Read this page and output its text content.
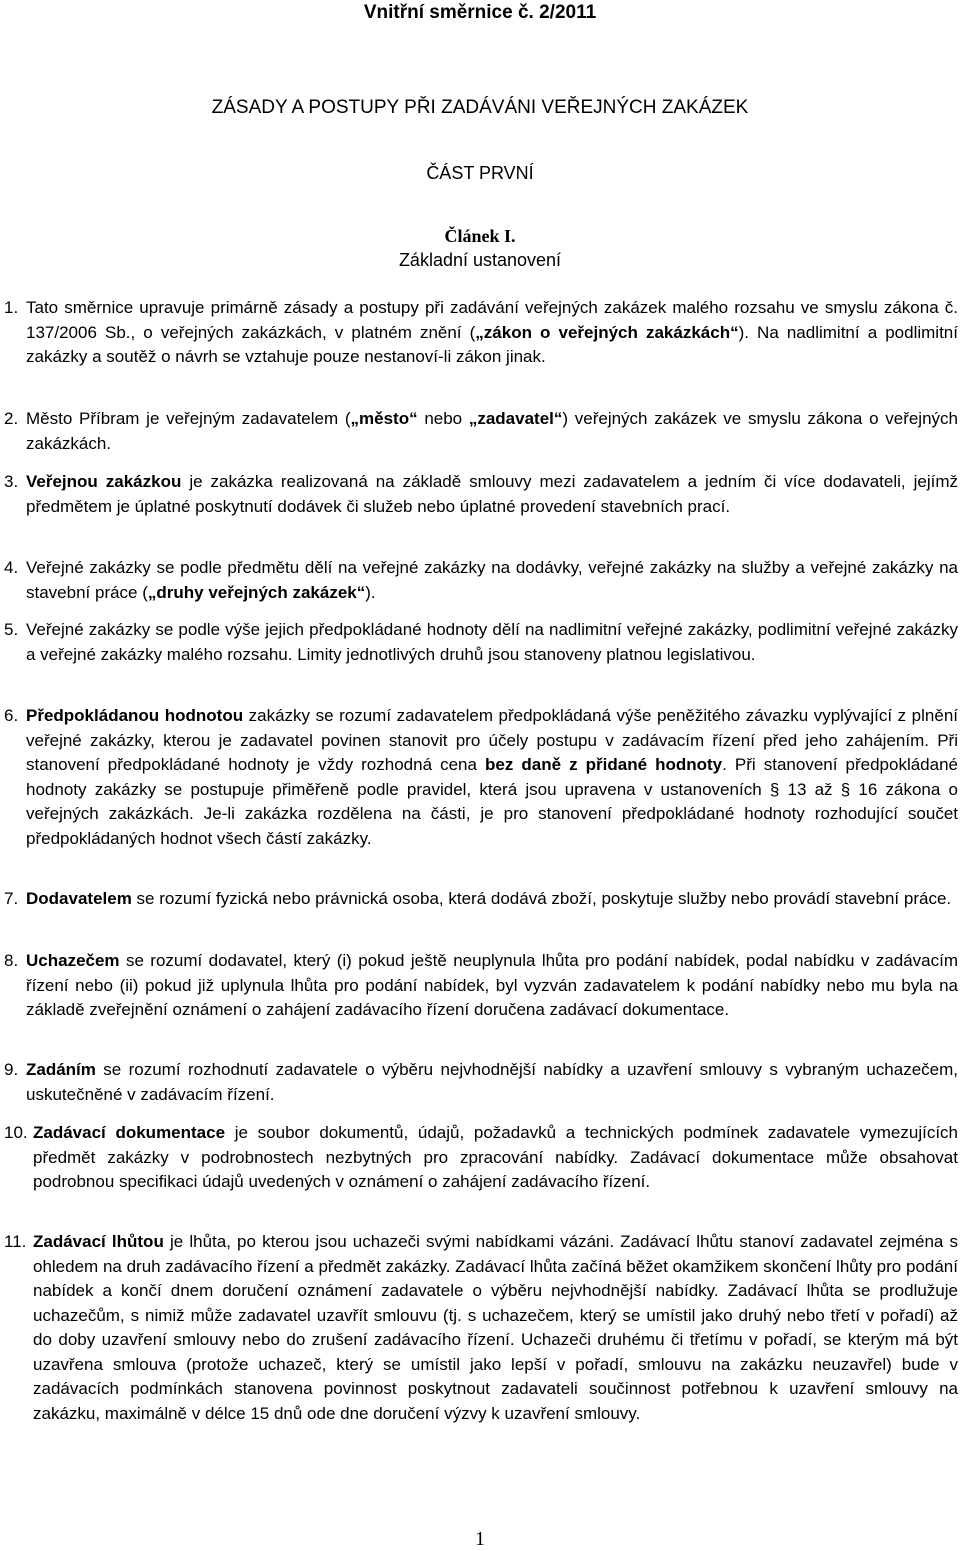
Vnitřní směrnice č. 2/2011
ZÁSADY A POSTUPY PŘI ZADÁVÁNI VEŘEJNÝCH ZAKÁZEK
ČÁST PRVNÍ
Článek I.
Základní ustanovení
1. Tato směrnice upravuje primárně zásady a postupy při zadávání veřejných zakázek malého rozsahu ve smyslu zákona č. 137/2006 Sb., o veřejných zakázkách, v platném znění („zákon o veřejných zakázkách“). Na nadlimitní a podlimitní zakázky a soutěž o návrh se vztahuje pouze nestanoví-li zákon jinak.
2. Město Příbram je veřejným zadavatelem („město“ nebo „zadavatel“) veřejných zakázek ve smyslu zákona o veřejných zakázkách.
3. Veřejnou zakázkou je zakázka realizovaná na základě smlouvy mezi zadavatelem a jedním či více dodavateli, jejímž předmětem je úplatné poskytnutí dodávek či služeb nebo úplatné provedení stavebních prací.
4. Veřejné zakázky se podle předmětu dělí na veřejné zakázky na dodávky, veřejné zakázky na služby a veřejné zakázky na stavební práce („druhy veřejných zakázek“).
5. Veřejné zakázky se podle výše jejich předpokládané hodnoty dělí na nadlimitní veřejné zakázky, podlimitní veřejné zakázky a veřejné zakázky malého rozsahu. Limity jednotlivých druhů jsou stanoveny platnou legislativou.
6. Předpokládanou hodnotou zakázky se rozumí zadavatelem předpokládaná výše peněžitého závazku vyplývající z plnění veřejné zakázky, kterou je zadavatel povinen stanovit pro účely postupu v zadávacím řízení před jeho zahájením. Při stanovení předpokládané hodnoty je vždy rozhodná cena bez daně z přidané hodnoty. Při stanovení předpokládané hodnoty zakázky se postupuje přiměřeně podle pravidel, která jsou upravena v ustanoveních § 13 až § 16 zákona o veřejných zakázkách. Je-li zakázka rozdělena na části, je pro stanovení předpokládané hodnoty rozhodující součet předpokládaných hodnot všech částí zakázky.
7. Dodavatelem se rozumí fyzická nebo právnická osoba, která dodává zboží, poskytuje služby nebo provádí stavební práce.
8. Uchazečem se rozumí dodavatel, který (i) pokud ještě neuplynula lhůta pro podání nabídek, podal nabídku v zadávacím řízení nebo (ii) pokud již uplynula lhůta pro podání nabídek, byl vyzván zadavatelem k podání nabídky nebo mu byla na základě zveřejnění oznámení o zahájení zadávacího řízení doručena zadávací dokumentace.
9. Zadáním se rozumí rozhodnutí zadavatele o výběru nejvhodnější nabídky a uzavření smlouvy s vybraným uchazečem, uskutečněné v zadávacím řízení.
10. Zadávací dokumentace je soubor dokumentů, údajů, požadavků a technických podmínek zadavatele vymezujících předmět zakázky v podrobnostech nezbytných pro zpracování nabídky. Zadávací dokumentace může obsahovat podrobnou specifikaci údajů uvedených v oznámení o zahájení zadávacího řízení.
11. Zadávací lhůtou je lhůta, po kterou jsou uchazeči svými nabídkami vázáni. Zadávací lhůtu stanoví zadavatel zejména s ohledem na druh zadávacího řízení a předmět zakázky. Zadávací lhůta začíná běžet okamžikem skončení lhůty pro podání nabídek a končí dnem doručení oznámení zadavatele o výběru nejvhodnější nabídky. Zadávací lhůta se prodlužuje uchazečům, s nimiž může zadavatel uzavřít smlouvu (tj. s uchazečem, který se umístil jako druhý nebo třetí v pořadí) až do doby uzavření smlouvy nebo do zrušení zadávacího řízení. Uchazeči druhému či třetímu v pořadí, se kterým má být uzavřena smlouva (protože uchazeč, který se umístil jako lepší v pořadí, smlouvu na zakázku neuzavřel) bude v zadávacích podmínkách stanovena povinnost poskytnout zadavateli součinnost potřebnou k uzavření smlouvy na zakázku, maximálně v délce 15 dnů ode dne doručení výzvy k uzavření smlouvy.
1
